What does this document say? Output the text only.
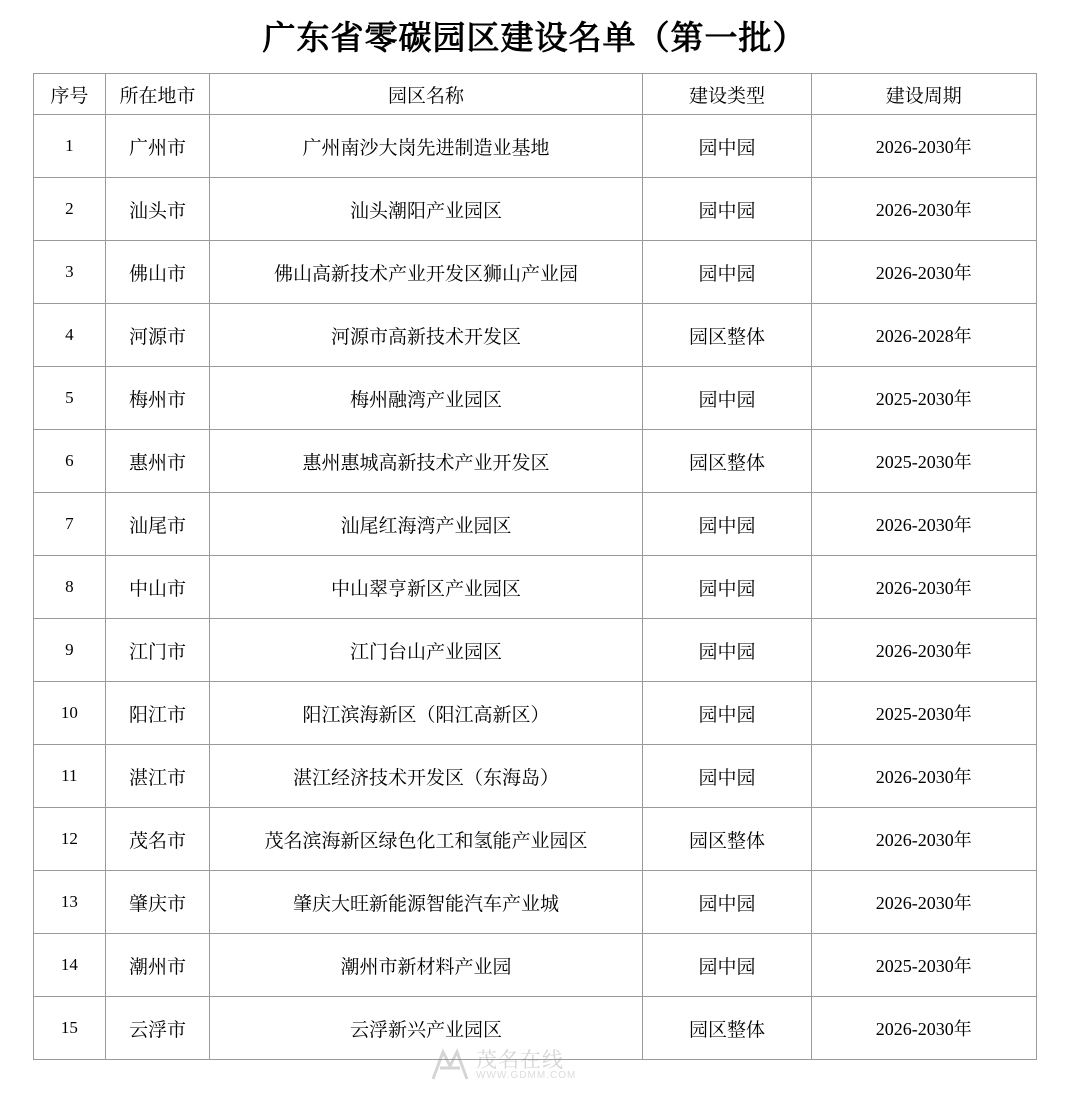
广东省零碳园区建设名单（第一批）
序号	所在地市	园区名称	建设类型	建设周期
1	广州市	广州南沙大岗先进制造业基地	园中园	2026-2030年
2	汕头市	汕头潮阳产业园区	园中园	2026-2030年
3	佛山市	佛山高新技术产业开发区狮山产业园	园中园	2026-2030年
4	河源市	河源市高新技术开发区	园区整体	2026-2028年
5	梅州市	梅州融湾产业园区	园中园	2025-2030年
6	惠州市	惠州惠城高新技术产业开发区	园区整体	2025-2030年
7	汕尾市	汕尾红海湾产业园区	园中园	2026-2030年
8	中山市	中山翠亨新区产业园区	园中园	2026-2030年
9	江门市	江门台山产业园区	园中园	2026-2030年
10	阳江市	阳江滨海新区（阳江高新区）	园中园	2025-2030年
11	湛江市	湛江经济技术开发区（东海岛）	园中园	2026-2030年
12	茂名市	茂名滨海新区绿色化工和氢能产业园区	园区整体	2026-2030年
13	肇庆市	肇庆大旺新能源智能汽车产业城	园中园	2026-2030年
14	潮州市	潮州市新材料产业园	园中园	2025-2030年
15	云浮市	云浮新兴产业园区	园区整体	2026-2030年
茂名在线
WWW.GDMM.COM
